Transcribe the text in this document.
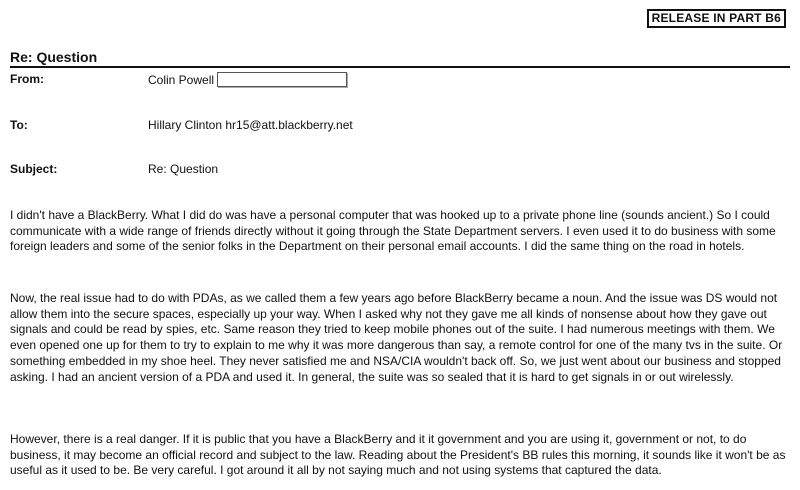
RELEASE IN PART B6
Re: Question
From:	Colin Powell
To:	Hillary Clinton hr15@att.blackberry.net
Subject:	Re: Question

I didn't have a BlackBerry. What I did do was have a personal computer that was hooked up to a private phone line (sounds ancient.) So I could communicate with a wide range of friends directly without it going through the State Department servers. I even used it to do business with some foreign leaders and some of the senior folks in the Department on their personal email accounts. I did the same thing on the road in hotels.

Now, the real issue had to do with PDAs, as we called them a few years ago before BlackBerry became a noun. And the issue was DS would not allow them into the secure spaces, especially up your way. When I asked why not they gave me all kinds of nonsense about how they gave out signals and could be read by spies, etc. Same reason they tried to keep mobile phones out of the suite. I had numerous meetings with them. We even opened one up for them to try to explain to me why it was more dangerous than say, a remote control for one of the many tvs in the suite. Or something embedded in my shoe heel. They never satisfied me and NSA/CIA wouldn't back off. So, we just went about our business and stopped asking. I had an ancient version of a PDA and used it. In general, the suite was so sealed that it is hard to get signals in or out wirelessly.

However, there is a real danger. If it is public that you have a BlackBerry and it it government and you are using it, government or not, to do business, it may become an official record and subject to the law. Reading about the President's BB rules this morning, it sounds like it won't be as useful as it used to be. Be very careful. I got around it all by not saying much and not using systems that captured the data.
